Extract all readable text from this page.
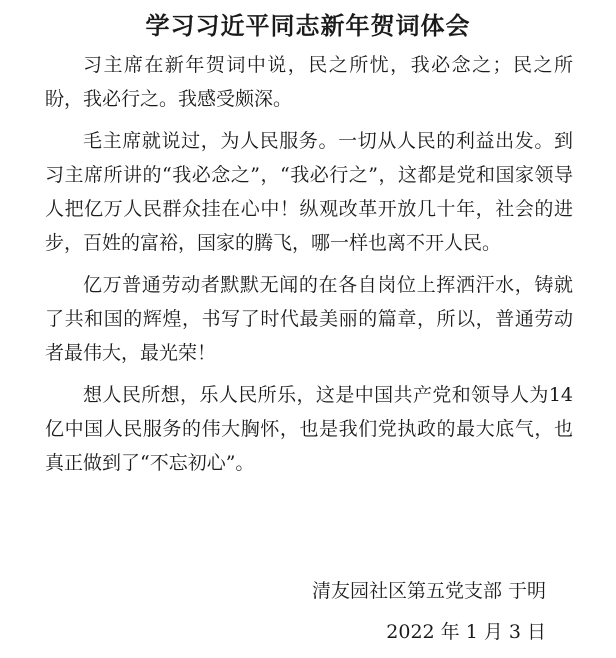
学习习近平同志新年贺词体会

习主席在新年贺词中说，民之所忧，我必念之；民之所盼，我必行之。我感受颇深。

毛主席就说过，为人民服务。一切从人民的利益出发。到习主席所讲的“我必念之”，“我必行之”，这都是党和国家领导人把亿万人民群众挂在心中！纵观改革开放几十年，社会的进步，百姓的富裕，国家的腾飞，哪一样也离不开人民。

亿万普通劳动者默默无闻的在各自岗位上挥洒汗水，铸就了共和国的辉煌，书写了时代最美丽的篇章，所以，普通劳动者最伟大，最光荣！

想人民所想，乐人民所乐，这是中国共产党和领导人为14亿中国人民服务的伟大胸怀，也是我们党执政的最大底气，也真正做到了“不忘初心”。

清友园社区第五党支部 于明
2022 年 1 月 3 日
